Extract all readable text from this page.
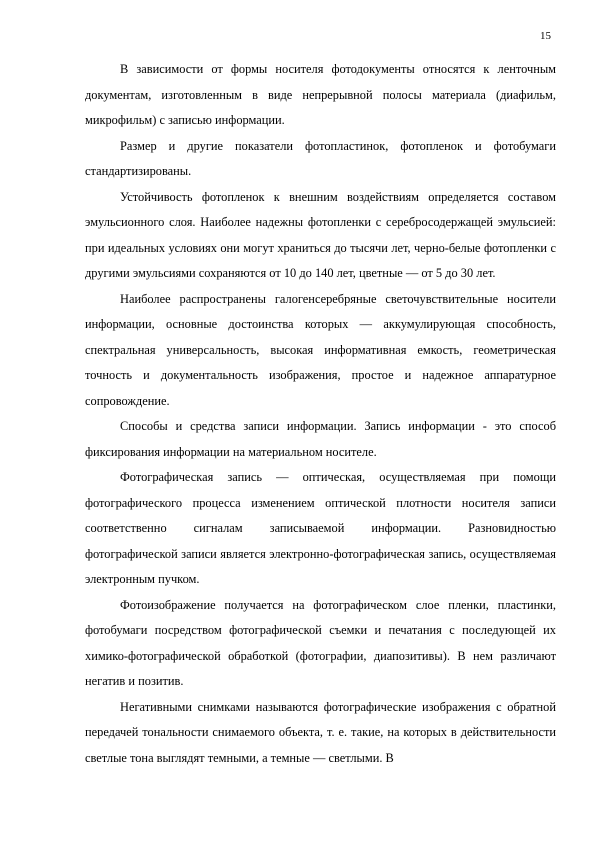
15

В зависимости от формы носителя фотодокументы относятся к ленточным документам, изготовленным в виде непрерывной полосы материала (диафильм, микрофильм) с записью информации.

Размер и другие показатели фотопластинок, фотопленок и фотобумаги стандартизированы.

Устойчивость фотопленок к внешним воздействиям определяется составом эмульсионного слоя. Наиболее надежны фотопленки с серебросодержащей эмульсией: при идеальных условиях они могут храниться до тысячи лет, черно-белые фотопленки с другими эмульсиями сохраняются от 10 до 140 лет, цветные — от 5 до 30 лет.

Наиболее распространены галогенсеребряные светочувствительные носители информации, основные достоинства которых — аккумулирующая способность, спектральная универсальность, высокая информативная емкость, геометрическая точность и документальность изображения, простое и надежное аппаратурное сопровождение.

Способы и средства записи информации. Запись информации - это способ фиксирования информации на материальном носителе.

Фотографическая запись — оптическая, осуществляемая при помощи фотографического процесса изменением оптической плотности носителя записи соответственно сигналам записываемой информации. Разновидностью фотографической записи является электронно-фотографическая запись, осуществляемая электронным пучком.

Фотоизображение получается на фотографическом слое пленки, пластинки, фотобумаги посредством фотографической съемки и печатания с последующей их химико-фотографической обработкой (фотографии, диапозитивы). В нем различают негатив и позитив.

Негативными снимками называются фотографические изображения с обратной передачей тональности снимаемого объекта, т. е. такие, на которых в действительности светлые тона выглядят темными, а темные — светлыми. В
